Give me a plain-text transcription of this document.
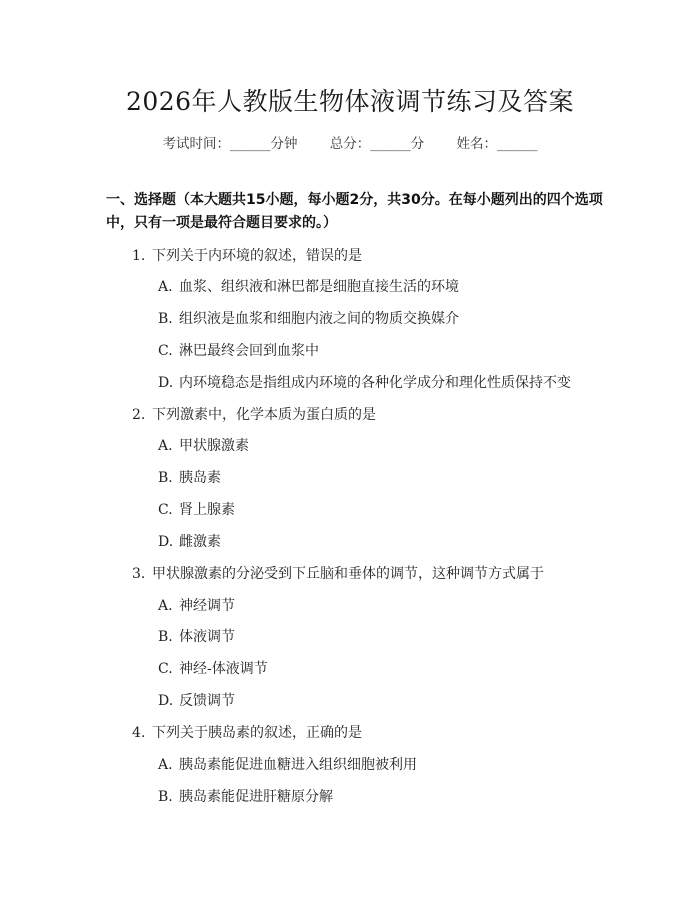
2026年人教版生物体液调节练习及答案
考试时间：______分钟 总分：______分 姓名：______
一、选择题（本大题共15小题，每小题2分，共30分。在每小题列出的四个选项中，只有一项是最符合题目要求的。）
1. 下列关于内环境的叙述，错误的是
A. 血浆、组织液和淋巴都是细胞直接生活的环境
B. 组织液是血浆和细胞内液之间的物质交换媒介
C. 淋巴最终会回到血浆中
D. 内环境稳态是指组成内环境的各种化学成分和理化性质保持不变
2. 下列激素中，化学本质为蛋白质的是
A. 甲状腺激素
B. 胰岛素
C. 肾上腺素
D. 雌激素
3. 甲状腺激素的分泌受到下丘脑和垂体的调节，这种调节方式属于
A. 神经调节
B. 体液调节
C. 神经-体液调节
D. 反馈调节
4. 下列关于胰岛素的叙述，正确的是
A. 胰岛素能促进血糖进入组织细胞被利用
B. 胰岛素能促进肝糖原分解
